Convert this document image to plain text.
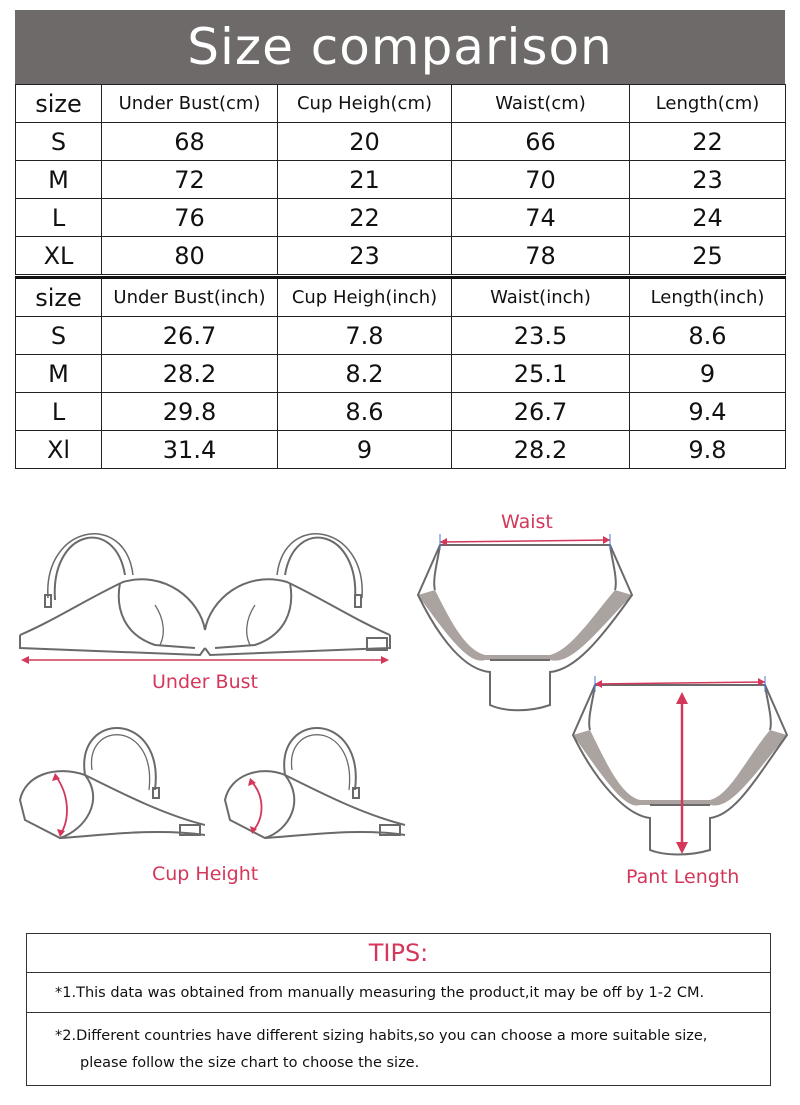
Size comparison
size	Under Bust(cm)	Cup Heigh(cm)	Waist(cm)	Length(cm)
S	68	20	66	22
M	72	21	70	23
L	76	22	74	24
XL	80	23	78	25
size	Under Bust(inch)	Cup Heigh(inch)	Waist(inch)	Length(inch)
S	26.7	7.8	23.5	8.6
M	28.2	8.2	25.1	9
L	29.8	8.6	26.7	9.4
Xl	31.4	9	28.2	9.8
Under Bust
Cup Height
Waist
Pant Length
TIPS:
*1.This data was obtained from manually measuring the product,it may be off by 1-2 CM.
*2.Different countries have different sizing habits,so you can choose a more suitable size,
please follow the size chart to choose the size.
